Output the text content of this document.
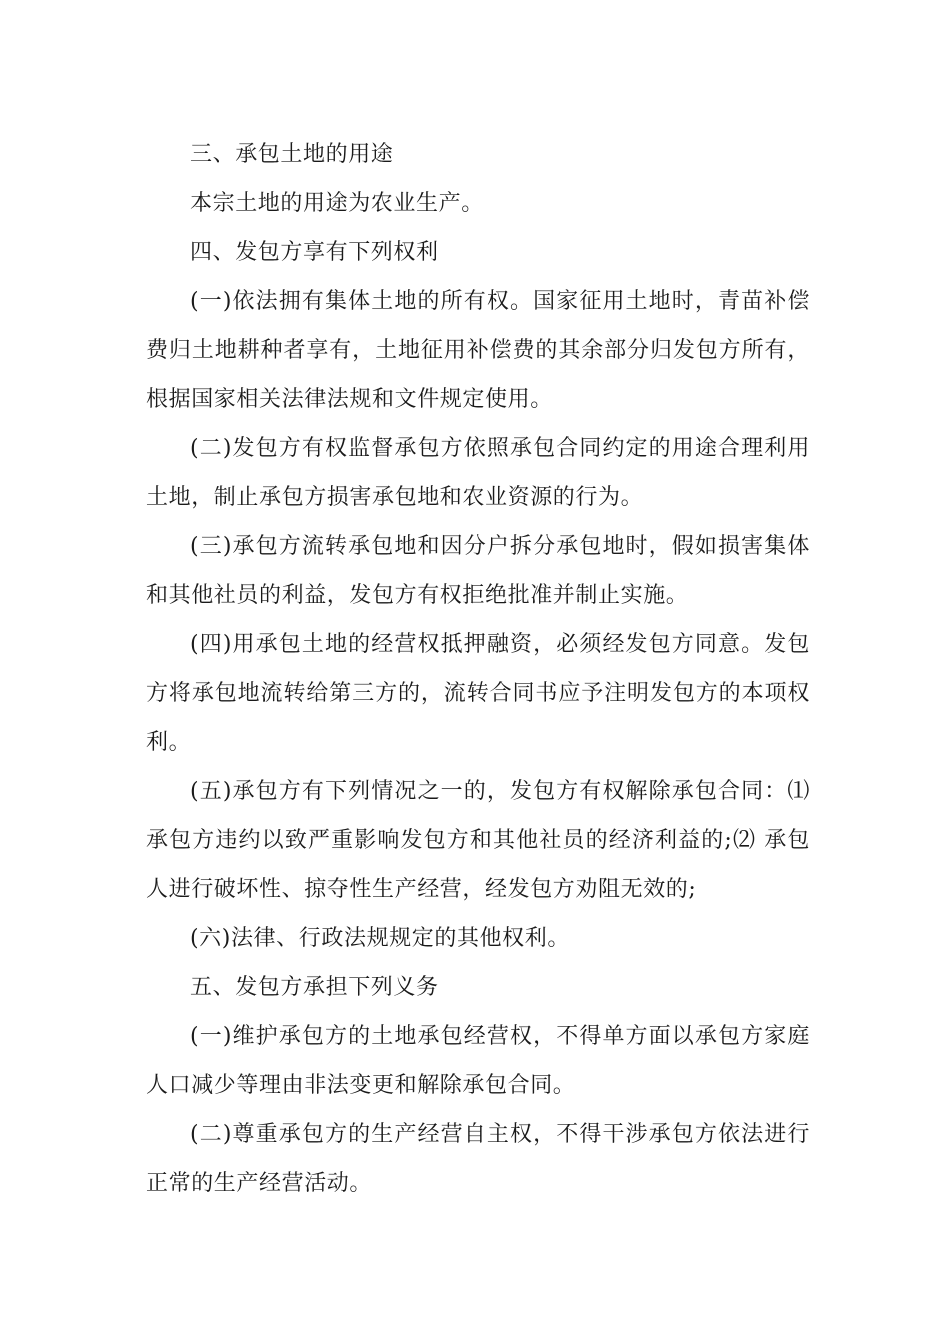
三、承包土地的用途

本宗土地的用途为农业生产。

四、发包方享有下列权利

(一)依法拥有集体土地的所有权。国家征用土地时，青苗补偿费归土地耕种者享有，土地征用补偿费的其余部分归发包方所有，根据国家相关法律法规和文件规定使用。

(二)发包方有权监督承包方依照承包合同约定的用途合理利用土地，制止承包方损害承包地和农业资源的行为。

(三)承包方流转承包地和因分户拆分承包地时，假如损害集体和其他社员的利益，发包方有权拒绝批准并制止实施。

(四)用承包土地的经营权抵押融资，必须经发包方同意。发包方将承包地流转给第三方的，流转合同书应予注明发包方的本项权利。

(五)承包方有下列情况之一的，发包方有权解除承包合同：⑴承包方违约以致严重影响发包方和其他社员的经济利益的;⑵ 承包人进行破坏性、掠夺性生产经营，经发包方劝阻无效的;

(六)法律、行政法规规定的其他权利。

五、发包方承担下列义务

(一)维护承包方的土地承包经营权，不得单方面以承包方家庭人口减少等理由非法变更和解除承包合同。

(二)尊重承包方的生产经营自主权，不得干涉承包方依法进行正常的生产经营活动。
